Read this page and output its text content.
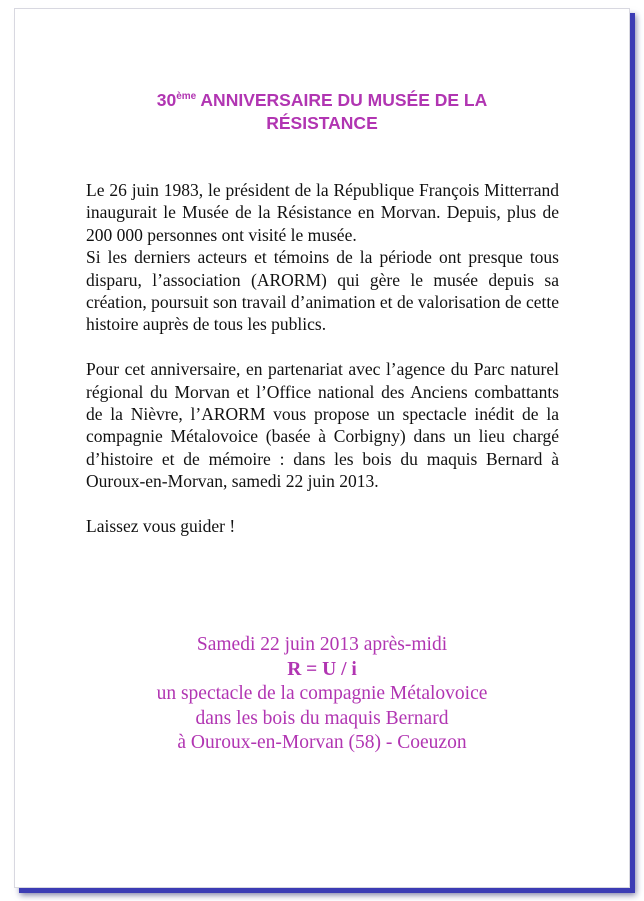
30ème ANNIVERSAIRE DU MUSÉE DE LA
RÉSISTANCE

Le 26 juin 1983, le président de la République François Mitterrand inaugurait le Musée de la Résistance en Morvan. Depuis, plus de 200 000 personnes ont visité le musée.

Si les derniers acteurs et témoins de la période ont presque tous disparu, l’association (ARORM) qui gère le musée depuis sa création, poursuit son travail d’animation et de valorisation de cette histoire auprès de tous les publics.

Pour cet anniversaire, en partenariat avec l’agence du Parc naturel régional du Morvan et l’Office national des Anciens combattants de la Nièvre, l’ARORM vous propose un spectacle inédit de la compagnie Métalovoice (basée à Corbigny) dans un lieu chargé d’histoire et de mémoire : dans les bois du maquis Bernard à Ouroux-en-Morvan, samedi 22 juin 2013.

Laissez vous guider !

Samedi 22 juin 2013 après-midi
R = U / i
un spectacle de la compagnie Métalovoice
dans les bois du maquis Bernard
à Ouroux-en-Morvan (58) - Coeuzon
